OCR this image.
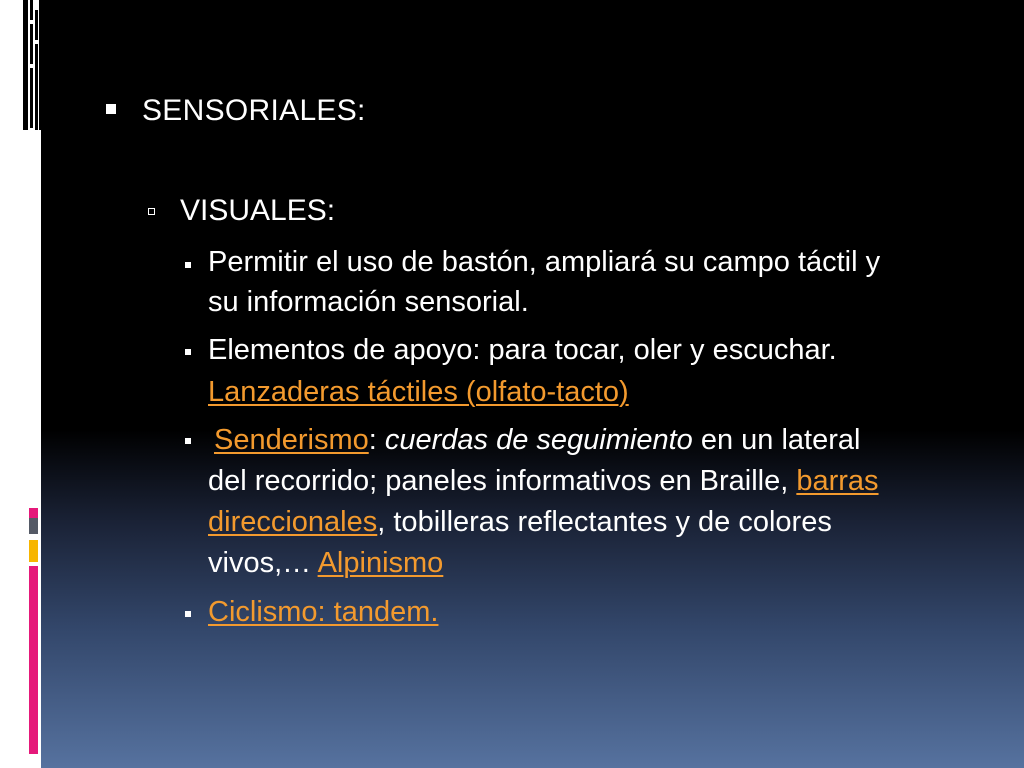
SENSORIALES:
VISUALES:
Permitir el uso de bastón, ampliará su campo táctil y
su información sensorial.
Elementos de apoyo: para tocar, oler y escuchar.
Lanzaderas táctiles (olfato-tacto)
Senderismo: cuerdas de seguimiento en un lateral
del recorrido; paneles informativos en Braille, barras
direccionales, tobilleras reflectantes y de colores
vivos,… Alpinismo
Ciclismo: tandem.
